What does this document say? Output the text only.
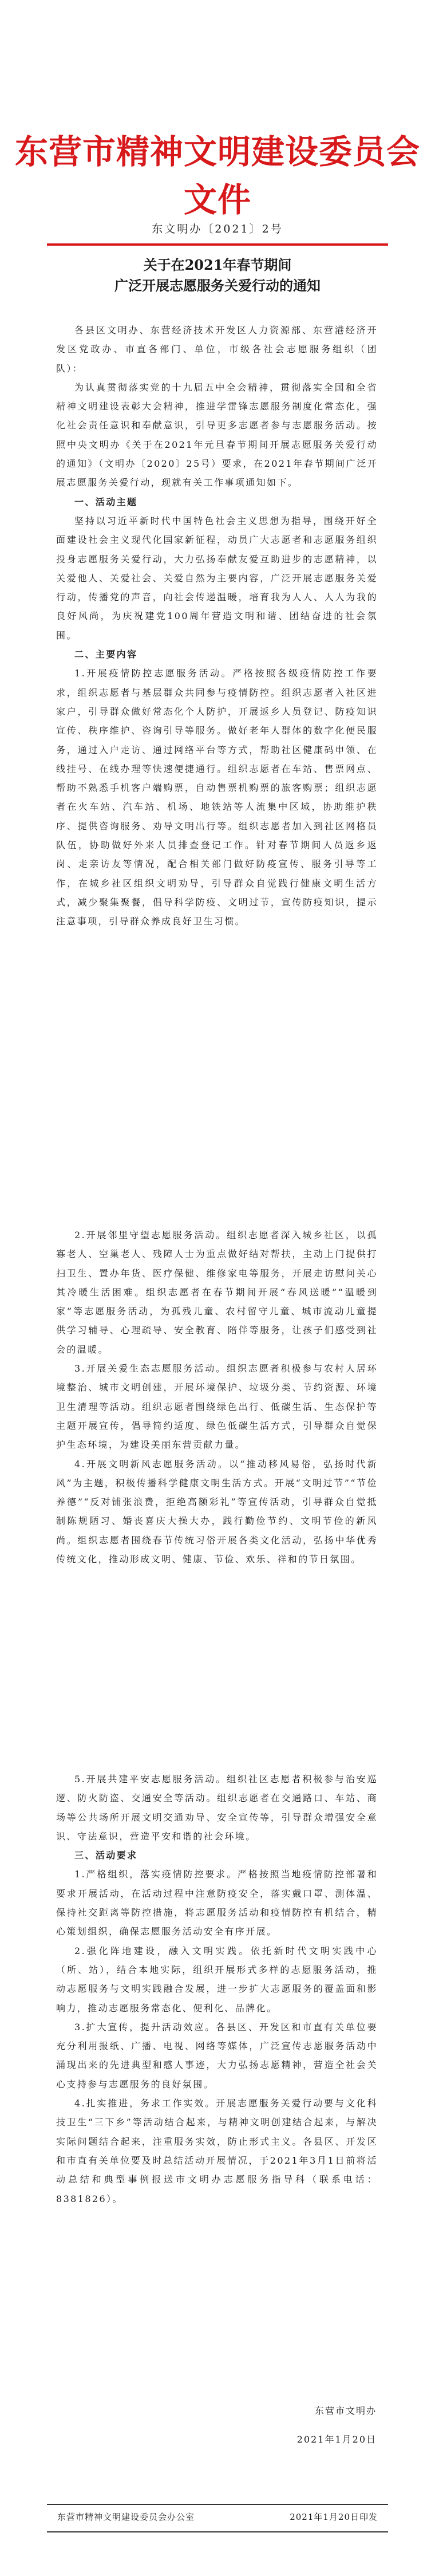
东营市精神文明建设委员会文件
东文明办〔2021〕2号
关于在2021年春节期间
广泛开展志愿服务关爱行动的通知

各县区文明办、东营经济技术开发区人力资源部、东营港经济开发区党政办、市直各部门、单位，市级各社会志愿服务组织（团队）：

为认真贯彻落实党的十九届五中全会精神，贯彻落实全国和全省精神文明建设表彰大会精神，推进学雷锋志愿服务制度化常态化，强化社会责任意识和奉献意识，引导更多志愿者参与志愿服务活动。按照中央文明办《关于在2021年元旦春节期间开展志愿服务关爱行动的通知》（文明办〔2020〕25号）要求，在2021年春节期间广泛开展志愿服务关爱行动，现就有关工作事项通知如下。

一、活动主题

坚持以习近平新时代中国特色社会主义思想为指导，围绕开好全面建设社会主义现代化国家新征程，动员广大志愿者和志愿服务组织投身志愿服务关爱行动，大力弘扬奉献友爱互助进步的志愿精神，以关爱他人、关爱社会、关爱自然为主要内容，广泛开展志愿服务关爱行动，传播党的声音，向社会传递温暖，培育我为人人、人人为我的良好风尚，为庆祝建党100周年营造文明和谐、团结奋进的社会氛围。

二、主要内容

1.开展疫情防控志愿服务活动。严格按照各级疫情防控工作要求，组织志愿者与基层群众共同参与疫情防控。组织志愿者入社区进家户，引导群众做好常态化个人防护，开展返乡人员登记、防疫知识宣传、秩序维护、咨询引导等服务。做好老年人群体的数字化便民服务，通过入户走访、通过网络平台等方式，帮助社区健康码申领、在线挂号、在线办理等快速便捷通行。组织志愿者在车站、售票网点、帮助不熟悉手机客户端购票，自动售票机购票的旅客购票；组织志愿者在火车站、汽车站、机场、地铁站等人流集中区域，协助维护秩序、提供咨询服务、劝导文明出行等。组织志愿者加入到社区网格员队伍，协助做好外来人员排查登记工作。针对春节期间人员返乡返岗、走亲访友等情况，配合相关部门做好防疫宣传、服务引导等工作，在城乡社区组织文明劝导，引导群众自觉践行健康文明生活方式，减少聚集聚餐，倡导科学防疫、文明过节，宣传防疫知识，提示注意事项，引导群众养成良好卫生习惯。

2.开展邻里守望志愿服务活动。组织志愿者深入城乡社区，以孤寡老人、空巢老人、残障人士为重点做好结对帮扶，主动上门提供打扫卫生、置办年货、医疗保健、维修家电等服务，开展走访慰问关心其冷暖生活困难。组织志愿者在春节期间开展“春风送暖”“温暖到家”等志愿服务活动，为孤残儿童、农村留守儿童、城市流动儿童提供学习辅导、心理疏导、安全教育、陪伴等服务，让孩子们感受到社会的温暖。

3.开展关爱生态志愿服务活动。组织志愿者积极参与农村人居环境整治、城市文明创建，开展环境保护、垃圾分类、节约资源、环境卫生清理等活动。组织志愿者围绕绿色出行、低碳生活、生态保护等主题开展宣传，倡导简约适度、绿色低碳生活方式，引导群众自觉保护生态环境，为建设美丽东营贡献力量。

4.开展文明新风志愿服务活动。以“推动移风易俗，弘扬时代新风”为主题，积极传播科学健康文明生活方式。开展“文明过节”“节俭养德”“反对铺张浪费，拒绝高额彩礼”等宣传活动，引导群众自觉抵制陈规陋习、婚丧喜庆大操大办，践行勤俭节约、文明节俭的新风尚。组织志愿者围绕春节传统习俗开展各类文化活动，弘扬中华优秀传统文化，推动形成文明、健康、节俭、欢乐、祥和的节日氛围。

5.开展共建平安志愿服务活动。组织社区志愿者积极参与治安巡逻、防火防盗、交通安全等活动。组织志愿者在交通路口、车站、商场等公共场所开展文明交通劝导、安全宣传等，引导群众增强安全意识、守法意识，营造平安和谐的社会环境。

三、活动要求

1.严格组织，落实疫情防控要求。严格按照当地疫情防控部署和要求开展活动，在活动过程中注意防疫安全，落实戴口罩、测体温、保持社交距离等防控措施，将志愿服务活动和疫情防控有机结合，精心策划组织，确保志愿服务活动安全有序开展。

2.强化阵地建设，融入文明实践。依托新时代文明实践中心（所、站），结合本地实际，组织开展形式多样的志愿服务活动，推动志愿服务与文明实践融合发展，进一步扩大志愿服务的覆盖面和影响力，推动志愿服务常态化、便利化、品牌化。

3.扩大宣传，提升活动效应。各县区、开发区和市直有关单位要充分利用报纸、广播、电视、网络等媒体，广泛宣传志愿服务活动中涌现出来的先进典型和感人事迹，大力弘扬志愿精神，营造全社会关心支持参与志愿服务的良好氛围。

4.扎实推进，务求工作实效。开展志愿服务关爱行动要与文化科技卫生“三下乡”等活动结合起来，与精神文明创建结合起来，与解决实际问题结合起来，注重服务实效，防止形式主义。各县区、开发区和市直有关单位要及时总结活动开展情况，于2021年3月1日前将活动总结和典型事例报送市文明办志愿服务指导科（联系电话：8381826）。

东营市文明办
2021年1月20日
东营市精神文明建设委员会办公室	2021年1月20日印发
